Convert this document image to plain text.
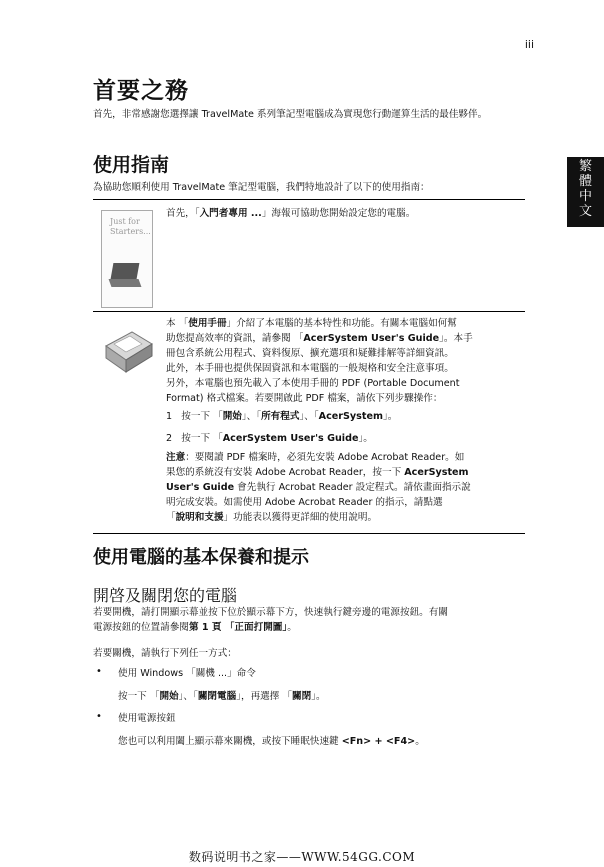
iii
繁體中文
首要之務
首先，非常感謝您選擇讓 TravelMate 系列筆記型電腦成為實現您行動運算生活的最佳夥伴。
使用指南
為協助您順利使用 TravelMate 筆記型電腦，我們特地設計了以下的使用指南：
Just for Starters...
首先，「入門者專用 ...」海報可協助您開始設定您的電腦。
本 「使用手冊」介紹了本電腦的基本特性和功能。有關本電腦如何幫
助您提高效率的資訊，請參閱 「AcerSystem User's Guide」。本手
冊包含系統公用程式、資料復原、擴充選項和疑難排解等詳細資訊。
此外，本手冊也提供保固資訊和本電腦的一般規格和安全注意事項。
另外，本電腦也預先載入了本使用手冊的 PDF (Portable Document
Format) 格式檔案。若要開啟此 PDF 檔案，請依下列步驟操作：
1 按一下 「開始」、「所有程式」、「AcerSystem」。
2 按一下 「AcerSystem User's Guide」。
注意：要閱讀 PDF 檔案時，必須先安裝 Adobe Acrobat Reader。如
果您的系統沒有安裝 Adobe Acrobat Reader，按一下 AcerSystem
User's Guide 會先執行 Acrobat Reader 設定程式。請依畫面指示說
明完成安裝。如需使用 Adobe Acrobat Reader 的指示，請點選
「說明和支援」功能表以獲得更詳細的使用說明。
使用電腦的基本保養和提示
開啓及關閉您的電腦
若要開機，請打開顯示幕並按下位於顯示幕下方，快速執行鍵旁邊的電源按鈕。有關
電源按鈕的位置請參閱第 1 頁 「正面打開圖」。
若要關機，請執行下列任一方式：
• 使用 Windows 「關機 ...」命令
按一下 「開始」、「關閉電腦」，再選擇 「關閉」。
• 使用電源按鈕
您也可以利用闔上顯示幕來關機，或按下睡眠快速鍵 <Fn> + <F4>。
数码说明书之家——WWW.54GG.COM
